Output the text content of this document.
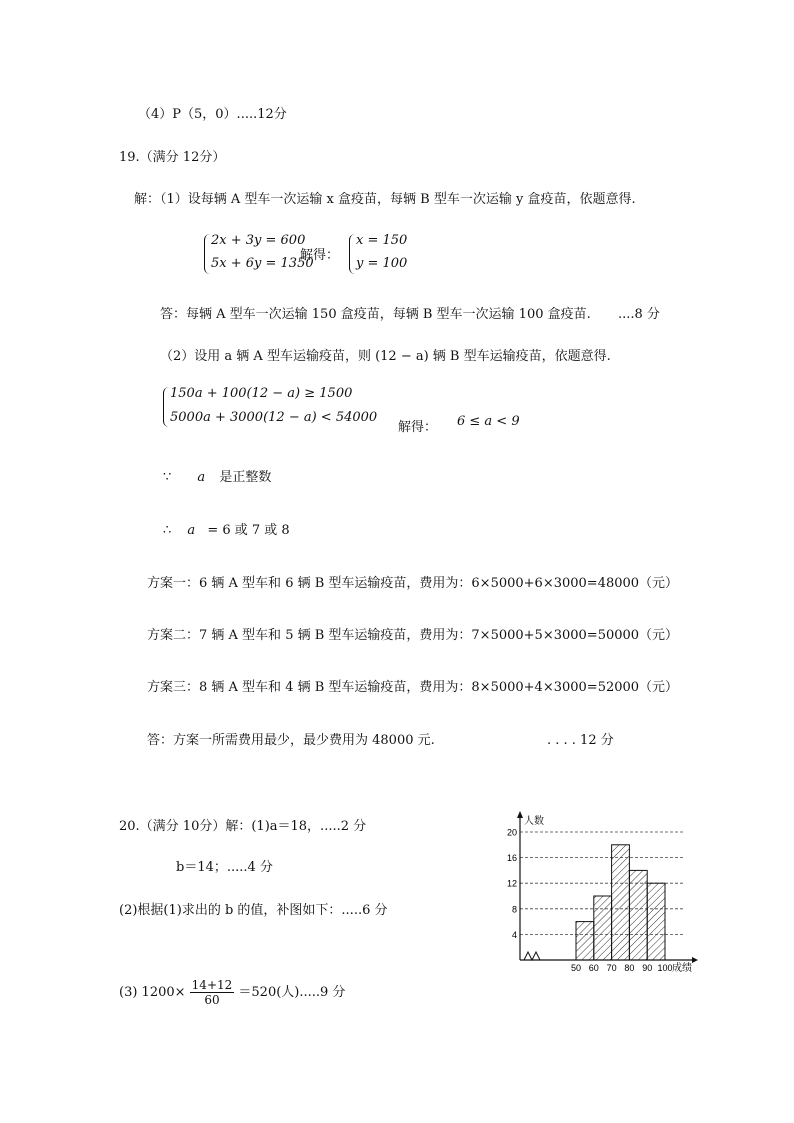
（4）P（5，0）.....12分
19.（满分 12分）
解：（1）设每辆 A 型车一次运输 x 盒疫苗，每辆 B 型车一次运输 y 盒疫苗，依题意得.
2x + 3y = 600
5x + 6y = 1350
解得：
x = 150
y = 100
答：每辆 A 型车一次运输 150 盒疫苗，每辆 B 型车一次运输 100 盒疫苗. ....8 分
（2）设用 a 辆 A 型车运输疫苗，则 (12 − a) 辆 B 型车运输疫苗，依题意得.
150a + 100(12 − a) ≥ 1500
5000a + 3000(12 − a) < 54000
解得： 6 ≤ a < 9
∵ a 是正整数
∴ a = 6 或 7 或 8
方案一：6 辆 A 型车和 6 辆 B 型车运输疫苗，费用为：6×5000+6×3000=48000（元）
方案二：7 辆 A 型车和 5 辆 B 型车运输疫苗，费用为：7×5000+5×3000=50000（元）
方案三：8 辆 A 型车和 4 辆 B 型车运输疫苗，费用为：8×5000+4×3000=52000（元）
答：方案一所需费用最少，最少费用为 48000 元.	. . . . 12 分
20.（满分 10分）解：(1)a＝18，.....2 分
b＝14；.....4 分
(2)根据(1)求出的 b 的值，补图如下：.....6 分
(3) $1200\times \frac{14+12}{60} =520$(人).....9 分
人数
成绩
4
8
12
16
20
50 60 70 80 90 100
